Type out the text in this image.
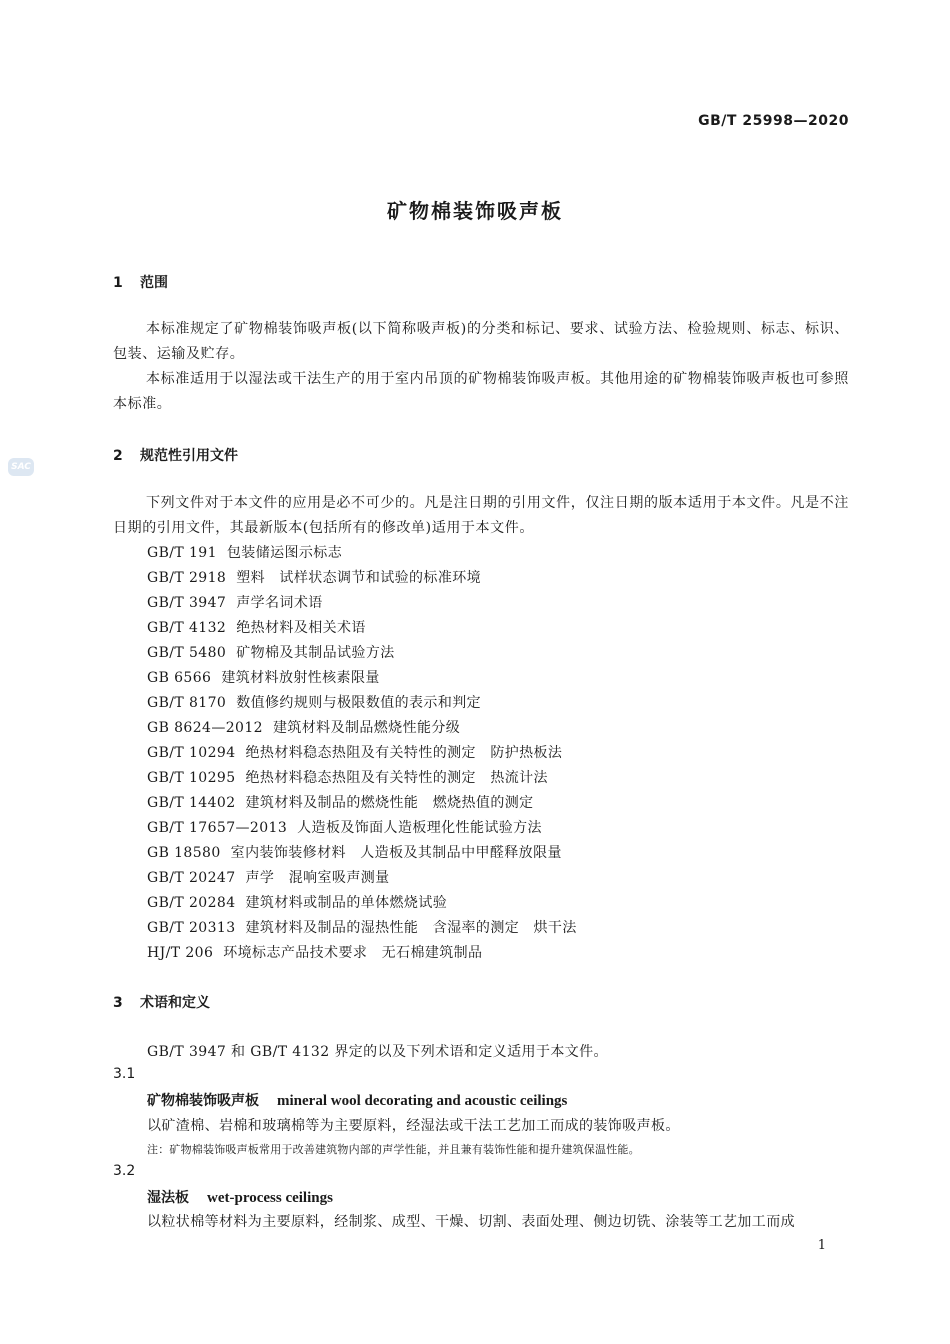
GB/T 25998—2020
矿物棉装饰吸声板
SAC
1 范围
本标准规定了矿物棉装饰吸声板(以下简称吸声板)的分类和标记、要求、试验方法、检验规则、标志、标识、包装、运输及贮存。
本标准适用于以湿法或干法生产的用于室内吊顶的矿物棉装饰吸声板。其他用途的矿物棉装饰吸声板也可参照本标准。
2 规范性引用文件
下列文件对于本文件的应用是必不可少的。凡是注日期的引用文件，仅注日期的版本适用于本文件。凡是不注日期的引用文件，其最新版本(包括所有的修改单)适用于本文件。
GB/T 191 包装储运图示标志
GB/T 2918 塑料　试样状态调节和试验的标准环境
GB/T 3947 声学名词术语
GB/T 4132 绝热材料及相关术语
GB/T 5480 矿物棉及其制品试验方法
GB 6566 建筑材料放射性核素限量
GB/T 8170 数值修约规则与极限数值的表示和判定
GB 8624—2012 建筑材料及制品燃烧性能分级
GB/T 10294 绝热材料稳态热阻及有关特性的测定　防护热板法
GB/T 10295 绝热材料稳态热阻及有关特性的测定　热流计法
GB/T 14402 建筑材料及制品的燃烧性能　燃烧热值的测定
GB/T 17657—2013 人造板及饰面人造板理化性能试验方法
GB 18580 室内装饰装修材料　人造板及其制品中甲醛释放限量
GB/T 20247 声学　混响室吸声测量
GB/T 20284 建筑材料或制品的单体燃烧试验
GB/T 20313 建筑材料及制品的湿热性能　含湿率的测定　烘干法
HJ/T 206 环境标志产品技术要求　无石棉建筑制品
3 术语和定义
GB/T 3947 和 GB/T 4132 界定的以及下列术语和定义适用于本文件。
3.1
矿物棉装饰吸声板 mineral wool decorating and acoustic ceilings
以矿渣棉、岩棉和玻璃棉等为主要原料，经湿法或干法工艺加工而成的装饰吸声板。
注：矿物棉装饰吸声板常用于改善建筑物内部的声学性能，并且兼有装饰性能和提升建筑保温性能。
3.2
湿法板 wet-process ceilings
以粒状棉等材料为主要原料，经制浆、成型、干燥、切割、表面处理、侧边切铣、涂装等工艺加工而成
1
